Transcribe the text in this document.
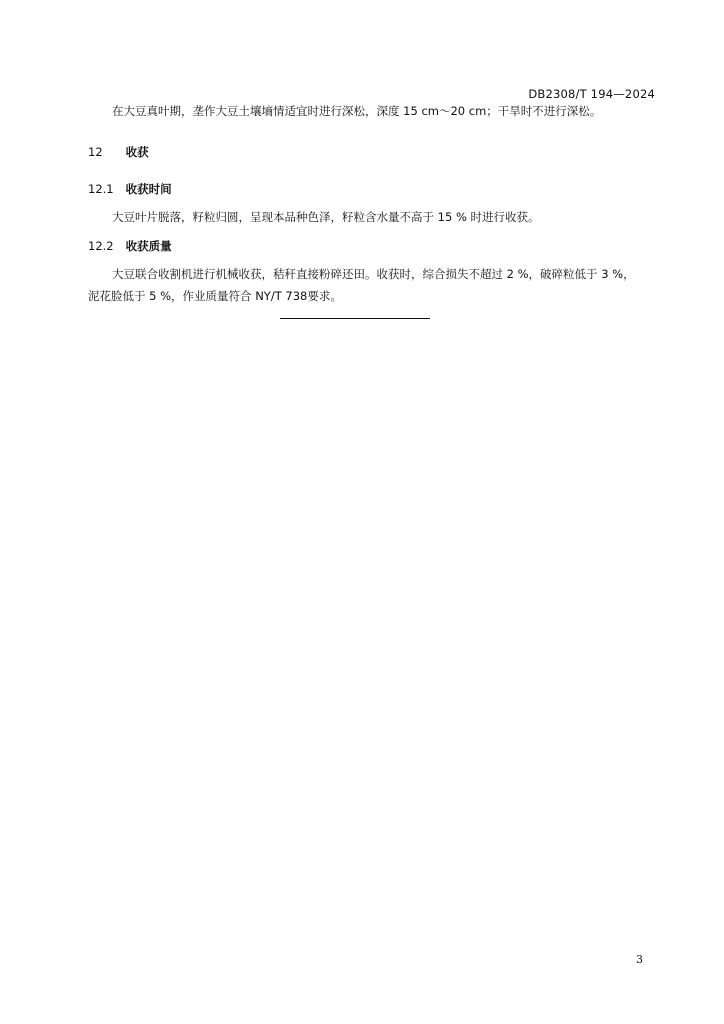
DB2308/T 194—2024
在大豆真叶期，垄作大豆土壤墒情适宜时进行深松，深度 15 cm～20 cm；干旱时不进行深松。
12 收获
12.1 收获时间
大豆叶片脱落，籽粒归圆，呈现本品种色泽，籽粒含水量不高于 15 % 时进行收获。
12.2 收获质量
大豆联合收割机进行机械收获，秸秆直接粉碎还田。收获时，综合损失不超过 2 %，破碎粒低于 3 %，
泥花脸低于 5 %，作业质量符合 NY/T 738要求。
3
